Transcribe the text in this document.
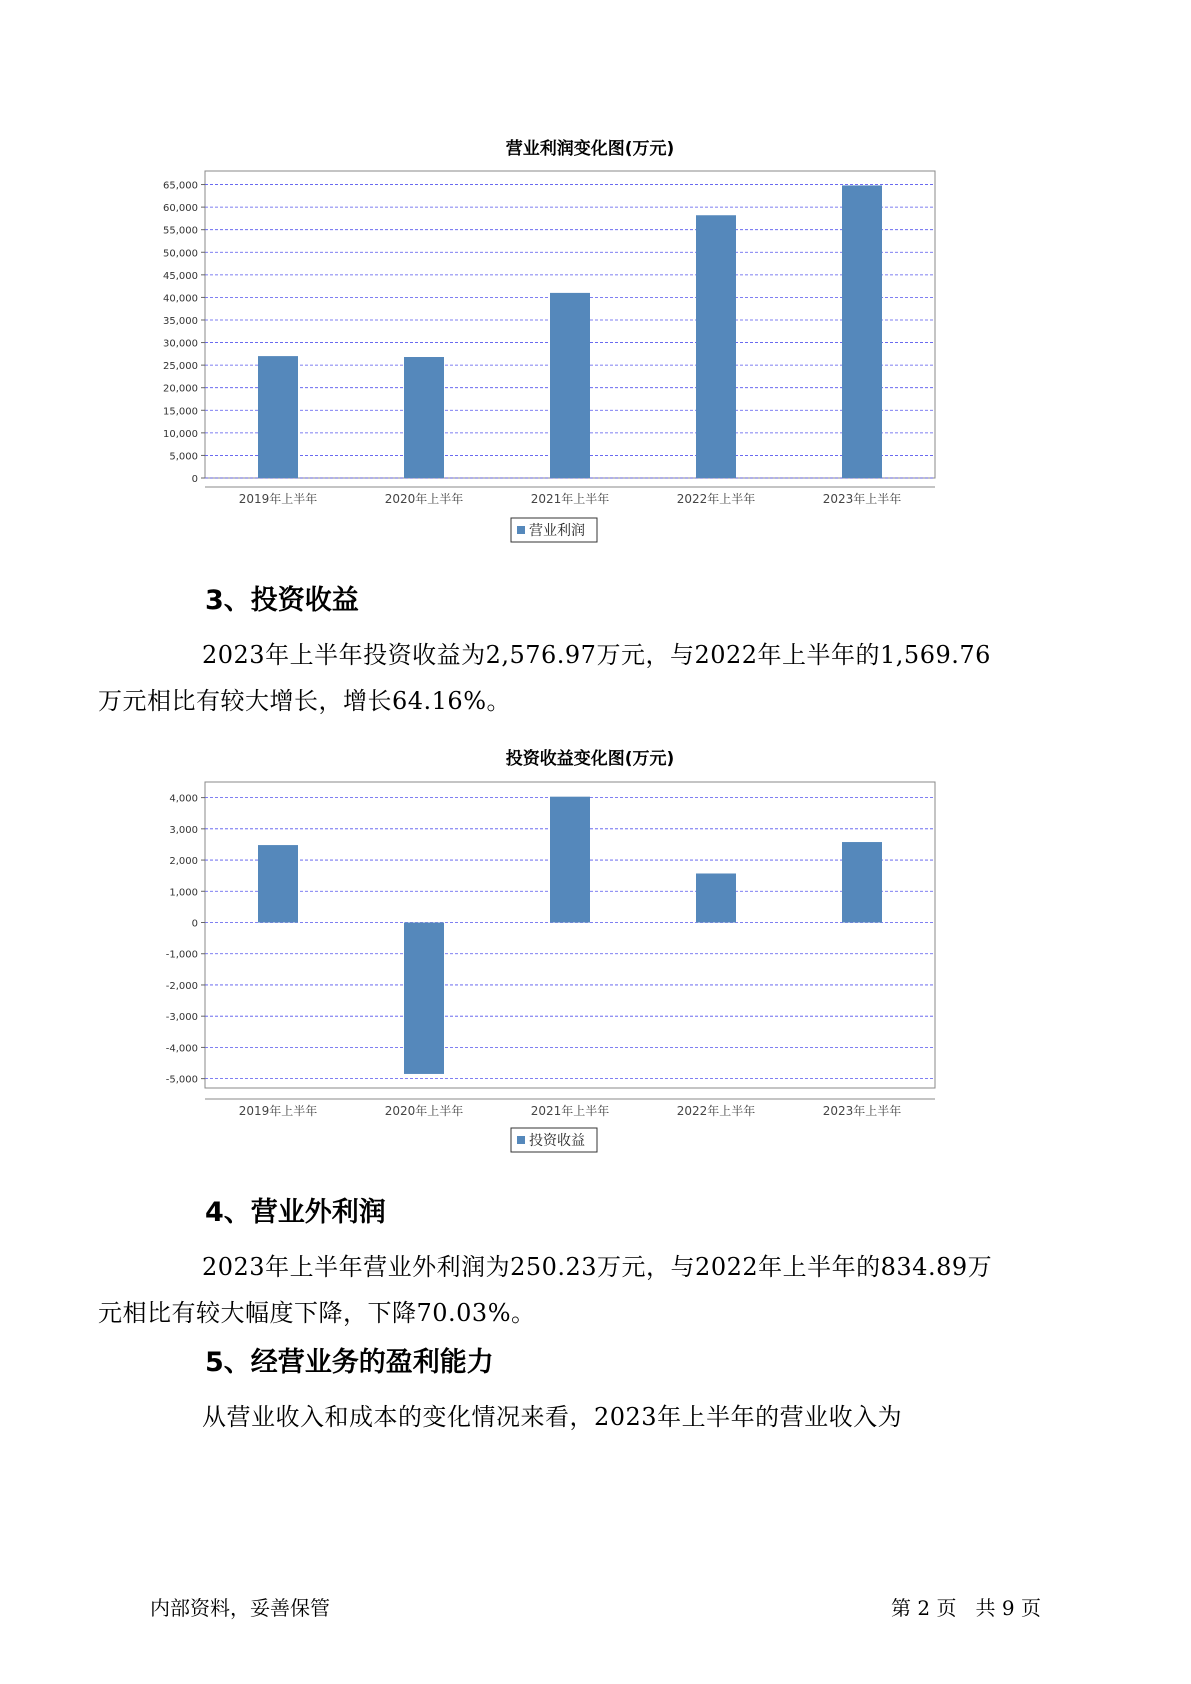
营业利润变化图(万元)
0
5,000
10,000
15,000
20,000
25,000
30,000
35,000
40,000
45,000
50,000
55,000
60,000
65,000
2019年上半年	2020年上半年	2021年上半年	2022年上半年	2023年上半年
营业利润
3、投资收益

2023年上半年投资收益为2,576.97万元，与2022年上半年的1,569.76
万元相比有较大增长，增长64.16%。

投资收益变化图(万元)
-5,000
-4,000
-3,000
-2,000
-1,000
0
1,000
2,000
3,000
4,000
2019年上半年	2020年上半年	2021年上半年	2022年上半年	2023年上半年
投资收益
4、营业外利润

2023年上半年营业外利润为250.23万元，与2022年上半年的834.89万
元相比有较大幅度下降，下降70.03%。

5、经营业务的盈利能力

从营业收入和成本的变化情况来看，2023年上半年的营业收入为

内部资料，妥善保管	第 2 页   共 9 页
